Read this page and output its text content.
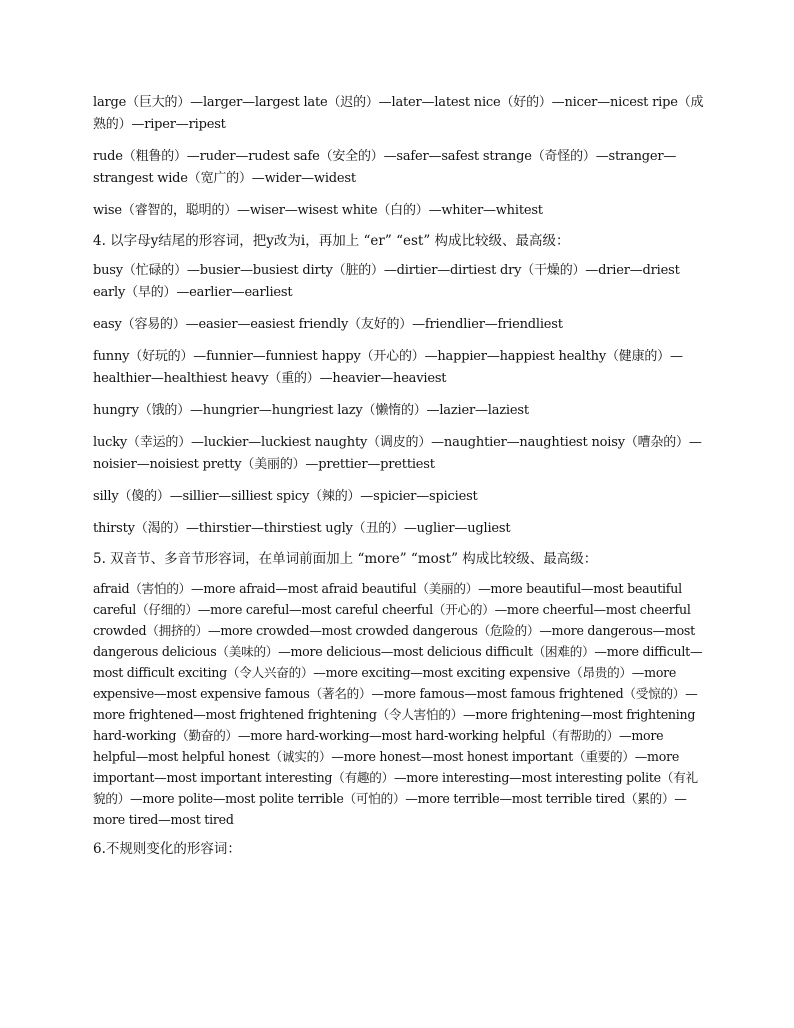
large（巨大的）—larger—largest late（迟的）—later—latest nice（好的）—nicer—nicest ripe（成熟的）—riper—ripest

rude（粗鲁的）—ruder—rudest safe（安全的）—safer—safest strange（奇怪的）—stranger—strangest wide（宽广的）—wider—widest

wise（睿智的，聪明的）—wiser—wisest white（白的）—whiter—whitest

4. 以字母y结尾的形容词，把y改为i，再加上 “er” “est” 构成比较级、最高级：

busy（忙碌的）—busier—busiest dirty（脏的）—dirtier—dirtiest dry（干燥的）—drier—driest early（早的）—earlier—earliest

easy（容易的）—easier—easiest friendly（友好的）—friendlier—friendliest

funny（好玩的）—funnier—funniest happy（开心的）—happier—happiest healthy（健康的）—healthier—healthiest heavy（重的）—heavier—heaviest

hungry（饿的）—hungrier—hungriest lazy（懒惰的）—lazier—laziest

lucky（幸运的）—luckier—luckiest naughty（调皮的）—naughtier—naughtiest noisy（嘈杂的）—noisier—noisiest pretty（美丽的）—prettier—prettiest

silly（傻的）—sillier—silliest spicy（辣的）—spicier—spiciest

thirsty（渴的）—thirstier—thirstiest ugly（丑的）—uglier—ugliest

5. 双音节、多音节形容词，在单词前面加上 “more” “most” 构成比较级、最高级：

afraid（害怕的）—more afraid—most afraid beautiful（美丽的）—more beautiful—most beautiful careful（仔细的）—more careful—most careful cheerful（开心的）—more cheerful—most cheerful crowded（拥挤的）—more crowded—most crowded dangerous（危险的）—more dangerous—most dangerous delicious（美味的）—more delicious—most delicious difficult（困难的）—more difficult—most difficult exciting（令人兴奋的）—more exciting—most exciting expensive（昂贵的）—more expensive—most expensive famous（著名的）—more famous—most famous frightened（受惊的）—more frightened—most frightened frightening（令人害怕的）—more frightening—most frightening hard-working（勤奋的）—more hard-working—most hard-working helpful（有帮助的）—more helpful—most helpful honest（诚实的）—more honest—most honest important（重要的）—more important—most important interesting（有趣的）—more interesting—most interesting polite（有礼貌的）—more polite—most polite terrible（可怕的）—more terrible—most terrible tired（累的）—more tired—most tired

6.不规则变化的形容词：
